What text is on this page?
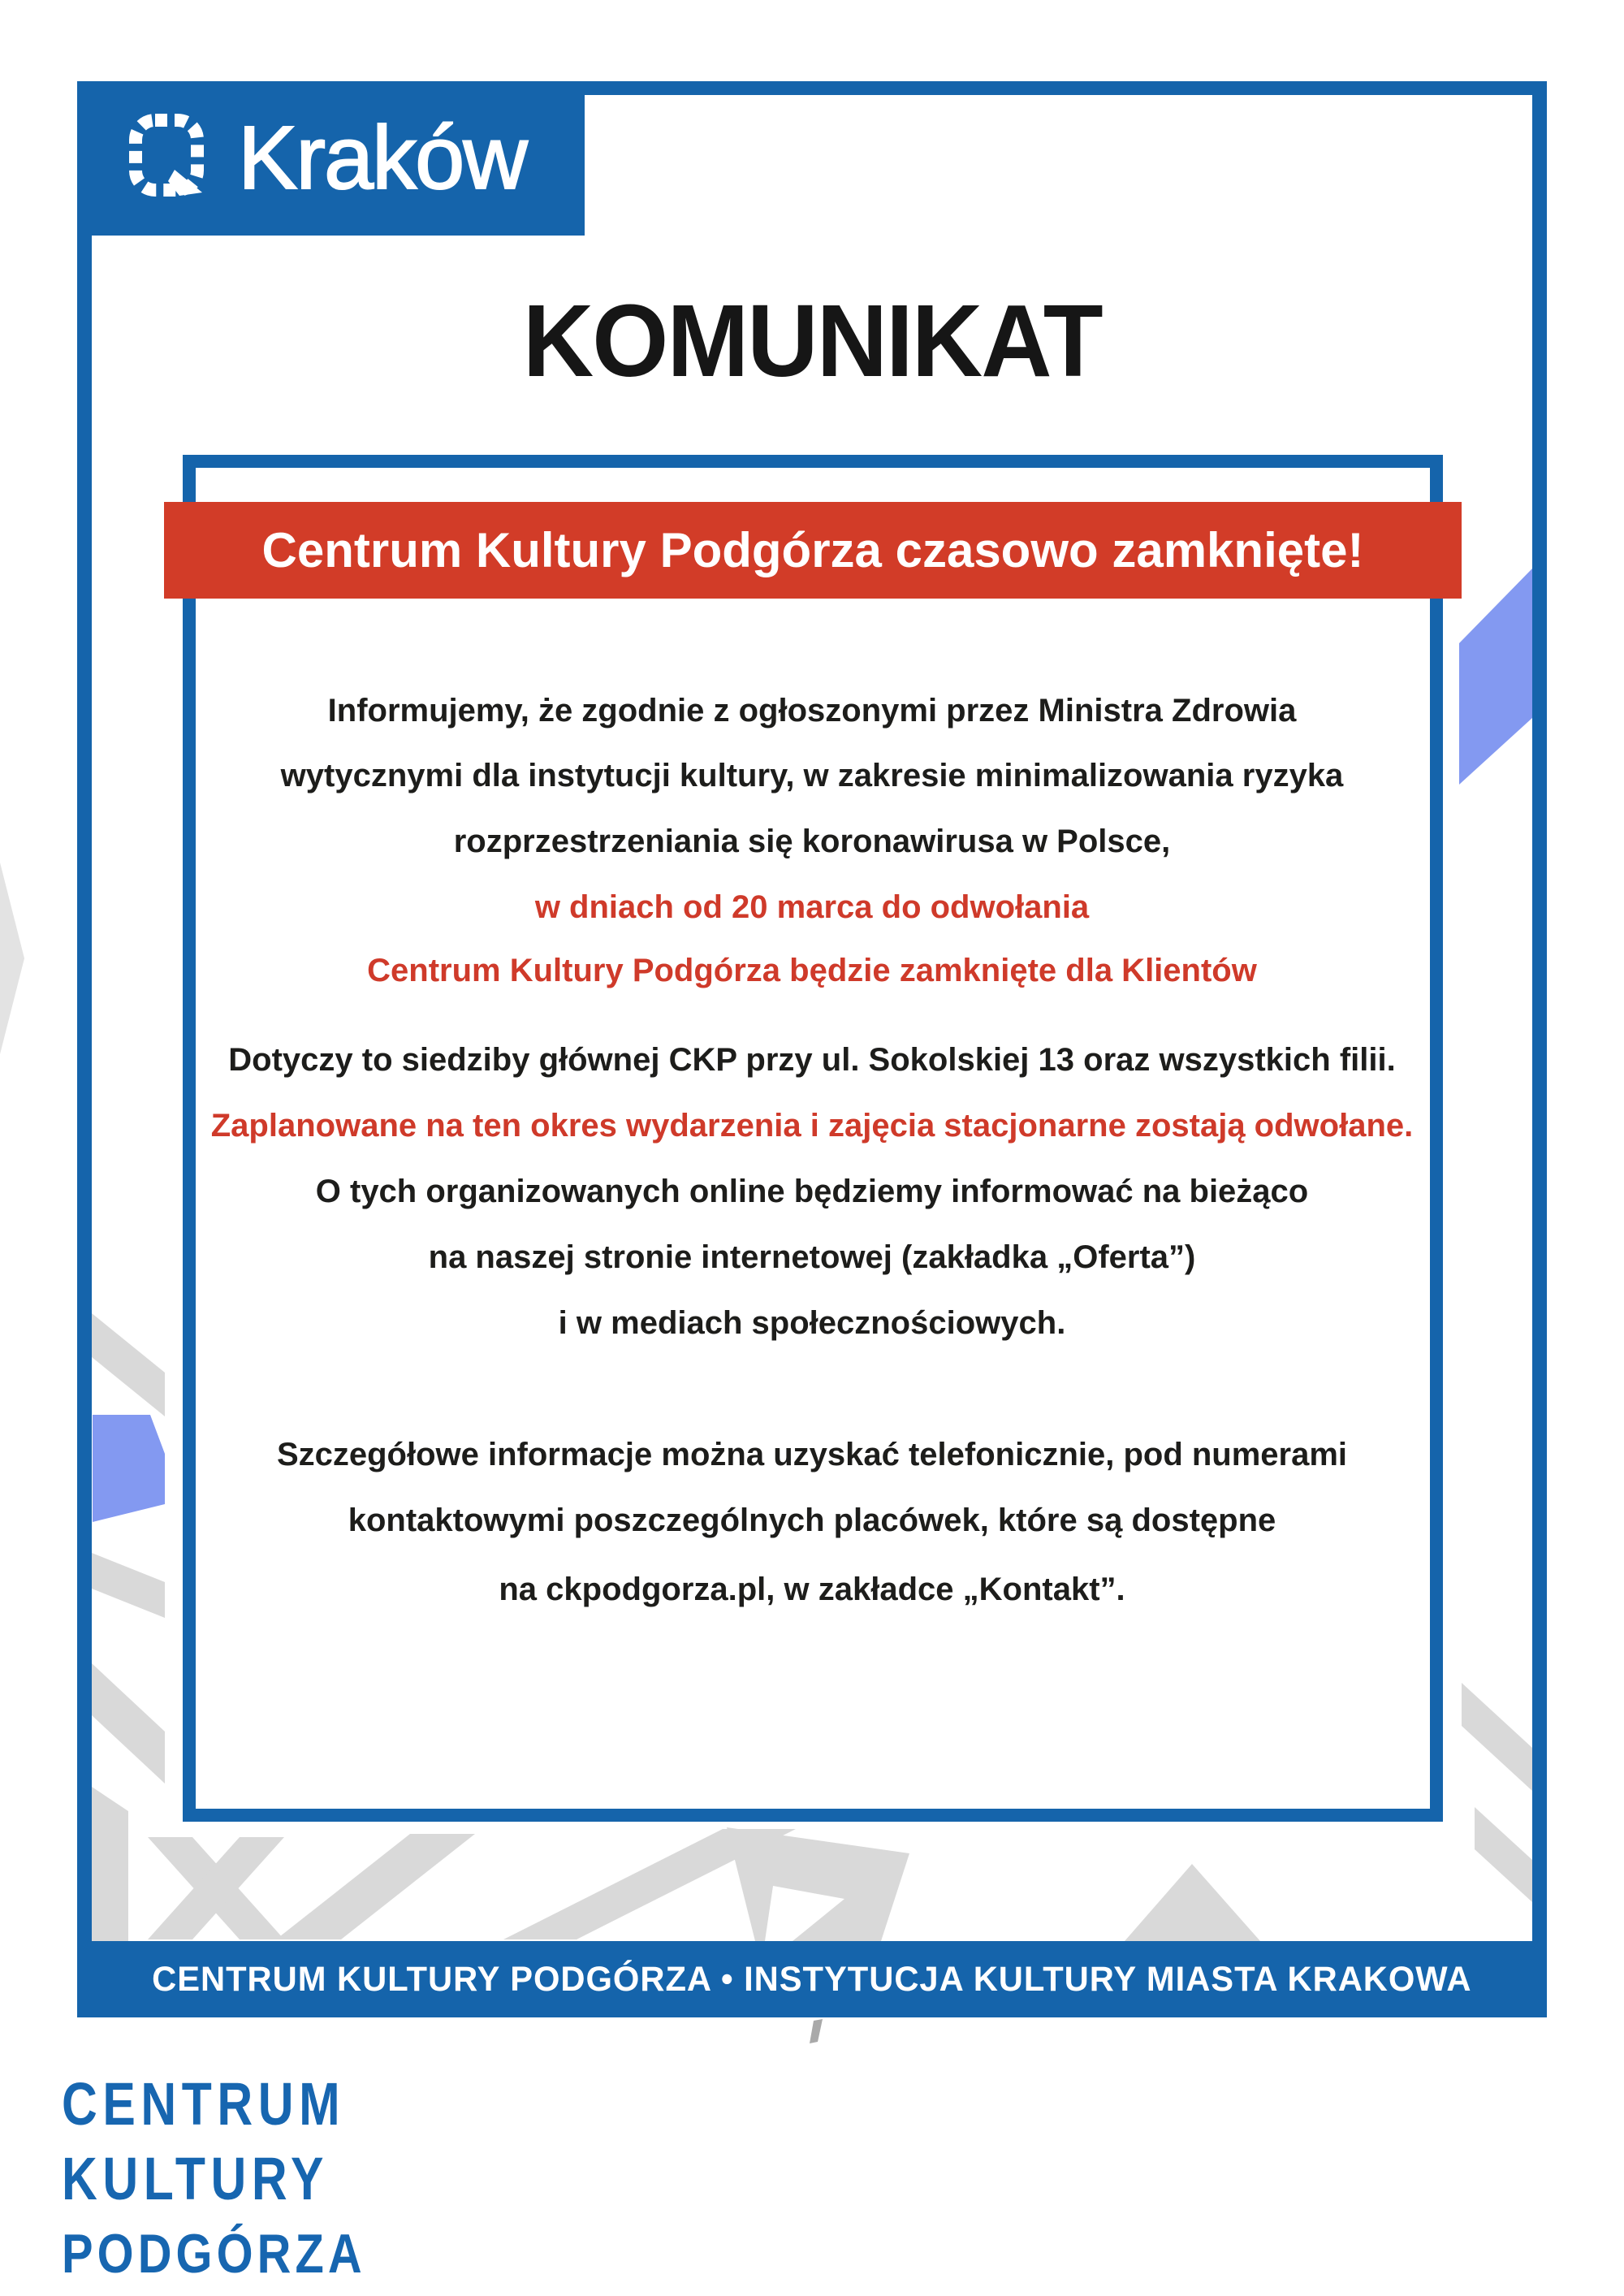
Kraków
KOMUNIKAT
Centrum Kultury Podgórza czasowo zamknięte!
Informujemy, że zgodnie z ogłoszonymi przez Ministra Zdrowia
wytycznymi dla instytucji kultury, w zakresie minimalizowania ryzyka
rozprzestrzeniania się koronawirusa w Polsce,
w dniach od 20 marca do odwołania
Centrum Kultury Podgórza będzie zamknięte dla Klientów
Dotyczy to siedziby głównej CKP przy ul. Sokolskiej 13 oraz wszystkich filii.
Zaplanowane na ten okres wydarzenia i zajęcia stacjonarne zostają odwołane.
O tych organizowanych online będziemy informować na bieżąco
na naszej stronie internetowej (zakładka „Oferta”)
i w mediach społecznościowych.
Szczegółowe informacje można uzyskać telefonicznie, pod numerami
kontaktowymi poszczególnych placówek, które są dostępne
na ckpodgorza.pl, w zakładce „Kontakt”.
CENTRUM KULTURY PODGÓRZA • INSTYTUCJA KULTURY MIASTA KRAKOWA
CENTRUM
KULTURY
PODGÓRZA
